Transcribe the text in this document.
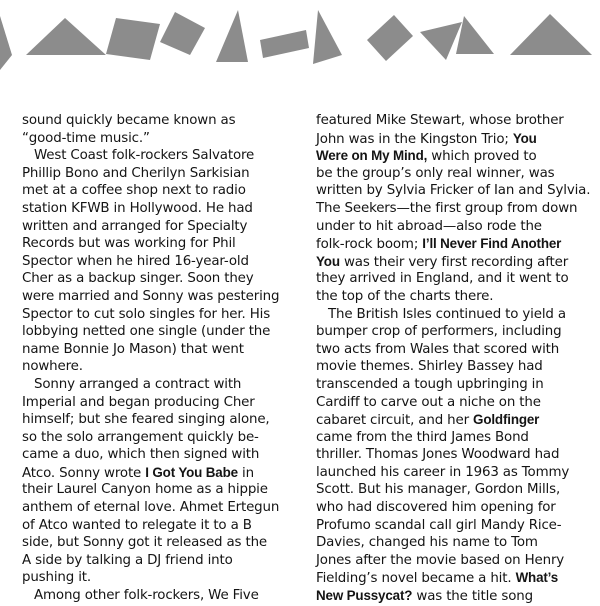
sound quickly became known as
“good-time music.”
West Coast folk-rockers Salvatore
Phillip Bono and Cherilyn Sarkisian
met at a coffee shop next to radio
station KFWB in Hollywood. He had
written and arranged for Specialty
Records but was working for Phil
Spector when he hired 16-year-old
Cher as a backup singer. Soon they
were married and Sonny was pestering
Spector to cut solo singles for her. His
lobbying netted one single (under the
name Bonnie Jo Mason) that went
nowhere.
Sonny arranged a contract with
Imperial and began producing Cher
himself; but she feared singing alone,
so the solo arrangement quickly be-
came a duo, which then signed with
Atco. Sonny wrote I Got You Babe in
their Laurel Canyon home as a hippie
anthem of eternal love. Ahmet Ertegun
of Atco wanted to relegate it to a B
side, but Sonny got it released as the
A side by talking a DJ friend into
pushing it.
Among other folk-rockers, We Five
featured Mike Stewart, whose brother
John was in the Kingston Trio; You
Were on My Mind, which proved to
be the group’s only real winner, was
written by Sylvia Fricker of Ian and Sylvia.
The Seekers—the first group from down
under to hit abroad—also rode the
folk-rock boom; I’ll Never Find Another
You was their very first recording after
they arrived in England, and it went to
the top of the charts there.
The British Isles continued to yield a
bumper crop of performers, including
two acts from Wales that scored with
movie themes. Shirley Bassey had
transcended a tough upbringing in
Cardiff to carve out a niche on the
cabaret circuit, and her Goldfinger
came from the third James Bond
thriller. Thomas Jones Woodward had
launched his career in 1963 as Tommy
Scott. But his manager, Gordon Mills,
who had discovered him opening for
Profumo scandal call girl Mandy Rice-
Davies, changed his name to Tom
Jones after the movie based on Henry
Fielding’s novel became a hit. What’s
New Pussycat? was the title song
